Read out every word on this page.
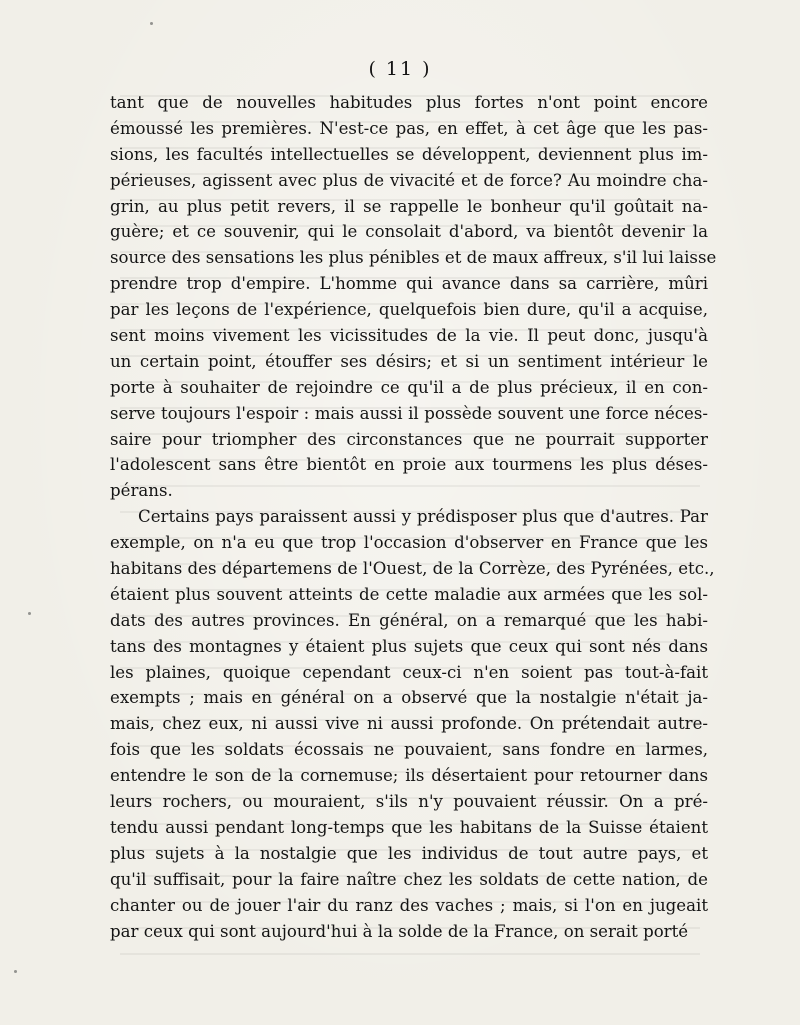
( 11 )
tant que de nouvelles habitudes plus fortes n'ont point encore
émoussé les premières. N'est-ce pas, en effet, à cet âge que les pas-
sions, les facultés intellectuelles se développent, deviennent plus im-
périeuses, agissent avec plus de vivacité et de force? Au moindre cha-
grin, au plus petit revers, il se rappelle le bonheur qu'il goûtait na-
guère; et ce souvenir, qui le consolait d'abord, va bientôt devenir la
source des sensations les plus pénibles et de maux affreux, s'il lui laisse
prendre trop d'empire. L'homme qui avance dans sa carrière, mûri
par les leçons de l'expérience, quelquefois bien dure, qu'il a acquise,
sent moins vivement les vicissitudes de la vie. Il peut donc, jusqu'à
un certain point, étouffer ses désirs; et si un sentiment intérieur le
porte à souhaiter de rejoindre ce qu'il a de plus précieux, il en con-
serve toujours l'espoir : mais aussi il possède souvent une force néces-
saire pour triompher des circonstances que ne pourrait supporter
l'adolescent sans être bientôt en proie aux tourmens les plus déses-
pérans.
Certains pays paraissent aussi y prédisposer plus que d'autres. Par
exemple, on n'a eu que trop l'occasion d'observer en France que les
habitans des départemens de l'Ouest, de la Corrèze, des Pyrénées, etc.,
étaient plus souvent atteints de cette maladie aux armées que les sol-
dats des autres provinces. En général, on a remarqué que les habi-
tans des montagnes y étaient plus sujets que ceux qui sont nés dans
les plaines, quoique cependant ceux-ci n'en soient pas tout-à-fait
exempts ; mais en général on a observé que la nostalgie n'était ja-
mais, chez eux, ni aussi vive ni aussi profonde. On prétendait autre-
fois que les soldats écossais ne pouvaient, sans fondre en larmes,
entendre le son de la cornemuse; ils désertaient pour retourner dans
leurs rochers, ou mouraient, s'ils n'y pouvaient réussir. On a pré-
tendu aussi pendant long-temps que les habitans de la Suisse étaient
plus sujets à la nostalgie que les individus de tout autre pays, et
qu'il suffisait, pour la faire naître chez les soldats de cette nation, de
chanter ou de jouer l'air du ranz des vaches ; mais, si l'on en jugeait
par ceux qui sont aujourd'hui à la solde de la France, on serait porté
